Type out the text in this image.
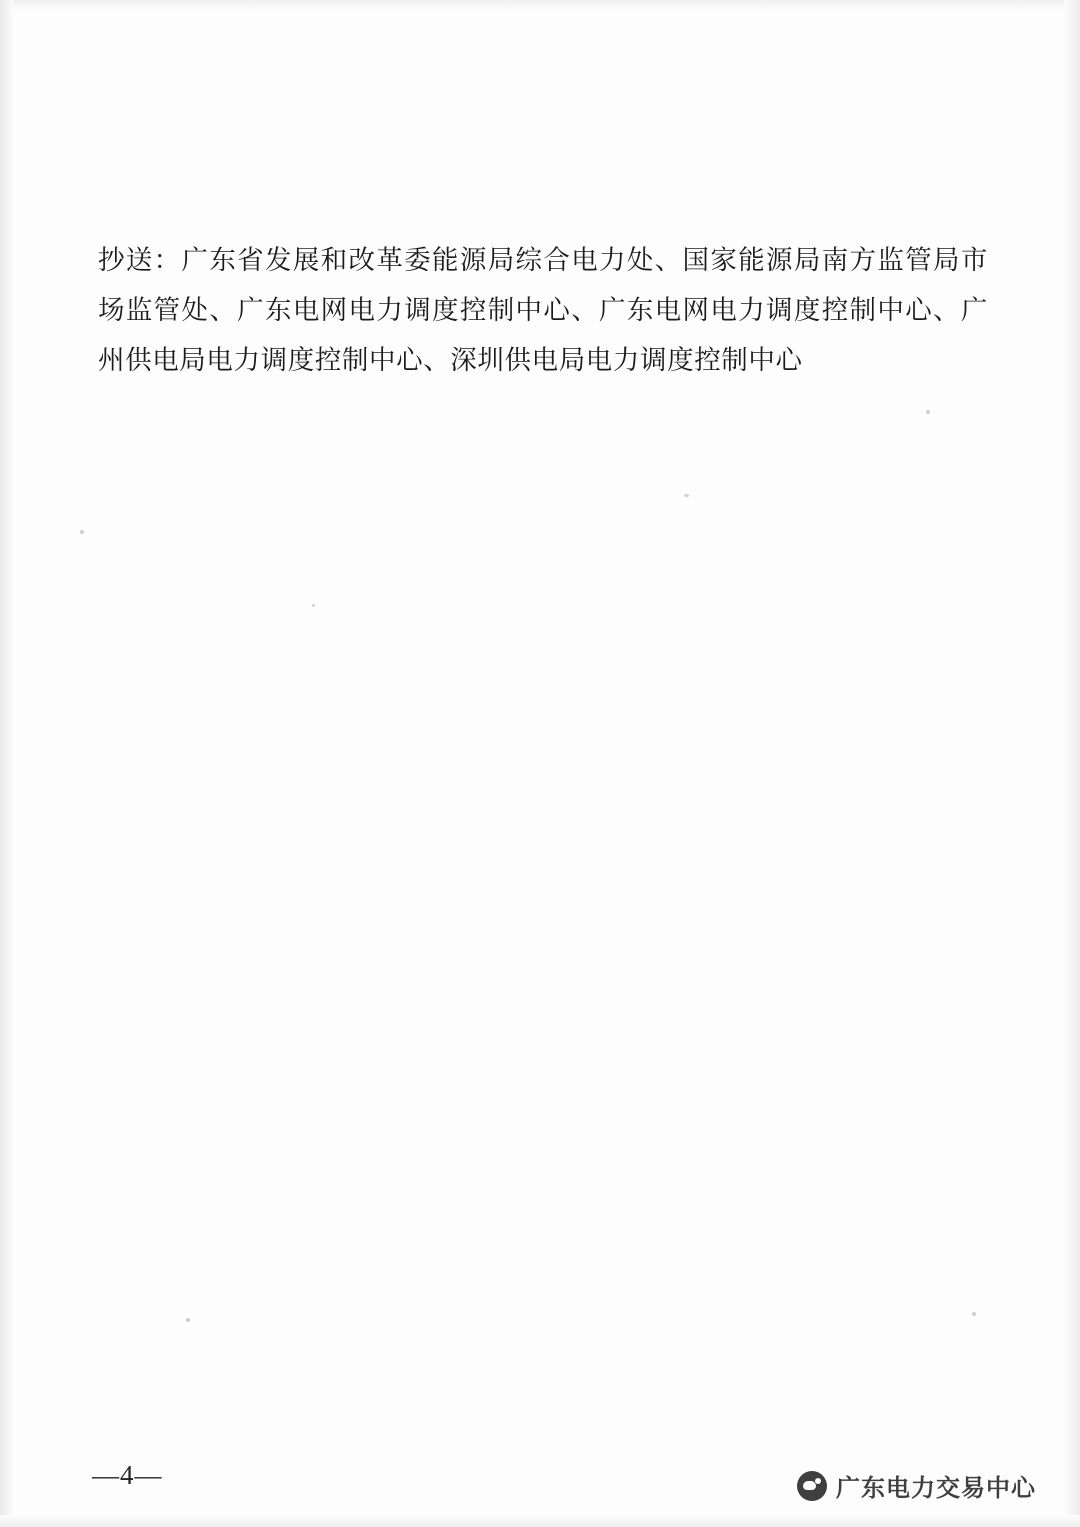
抄送：广东省发展和改革委能源局综合电力处、国家能源局南方监管局市场监管处、广东电网电力调度控制中心、广东电网电力调度控制中心、广州供电局电力调度控制中心、深圳供电局电力调度控制中心

—4—	广东电力交易中心
